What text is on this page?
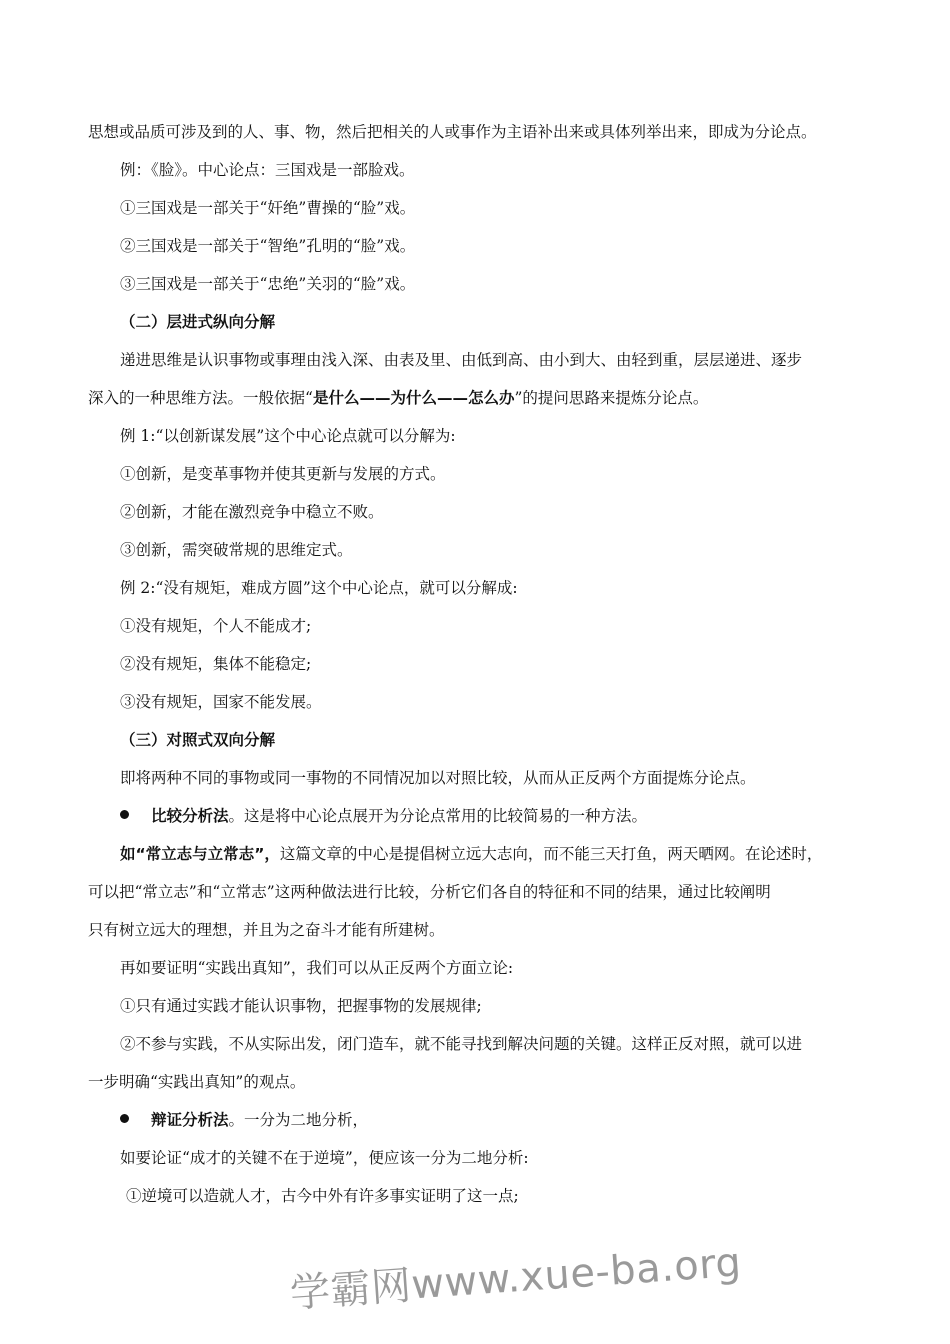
思想或品质可涉及到的人、事、物，然后把相关的人或事作为主语补出来或具体列举出来，即成为分论点。
例：《脸》。中心论点：三国戏是一部脸戏。
①三国戏是一部关于“奸绝”曹操的“脸”戏。
②三国戏是一部关于“智绝”孔明的“脸”戏。
③三国戏是一部关于“忠绝”关羽的“脸”戏。
（二）层进式纵向分解
递进思维是认识事物或事理由浅入深、由表及里、由低到高、由小到大、由轻到重，层层递进、逐步
深入的一种思维方法。一般依据“是什么——为什么——怎么办”的提问思路来提炼分论点。
例 1:“以创新谋发展”这个中心论点就可以分解为:
①创新，是变革事物并使其更新与发展的方式。
②创新，才能在激烈竞争中稳立不败。
③创新，需突破常规的思维定式。
例 2:“没有规矩，难成方圆”这个中心论点，就可以分解成:
①没有规矩，个人不能成才;
②没有规矩，集体不能稳定;
③没有规矩，国家不能发展。
（三）对照式双向分解
即将两种不同的事物或同一事物的不同情况加以对照比较，从而从正反两个方面提炼分论点。
比较分析法。这是将中心论点展开为分论点常用的比较简易的一种方法。
如“常立志与立常志”，这篇文章的中心是提倡树立远大志向，而不能三天打鱼，两天晒网。在论述时，
可以把“常立志”和“立常志”这两种做法进行比较，分析它们各自的特征和不同的结果，通过比较阐明
只有树立远大的理想，并且为之奋斗才能有所建树。
再如要证明“实践出真知”，我们可以从正反两个方面立论:
①只有通过实践才能认识事物，把握事物的发展规律;
②不参与实践，不从实际出发，闭门造车，就不能寻找到解决问题的关键。这样正反对照，就可以进
一步明确“实践出真知”的观点。
辩证分析法。一分为二地分析，
如要论证“成才的关键不在于逆境”，便应该一分为二地分析:
①逆境可以造就人才，古今中外有许多事实证明了这一点;
学霸网www.xue-ba.org
